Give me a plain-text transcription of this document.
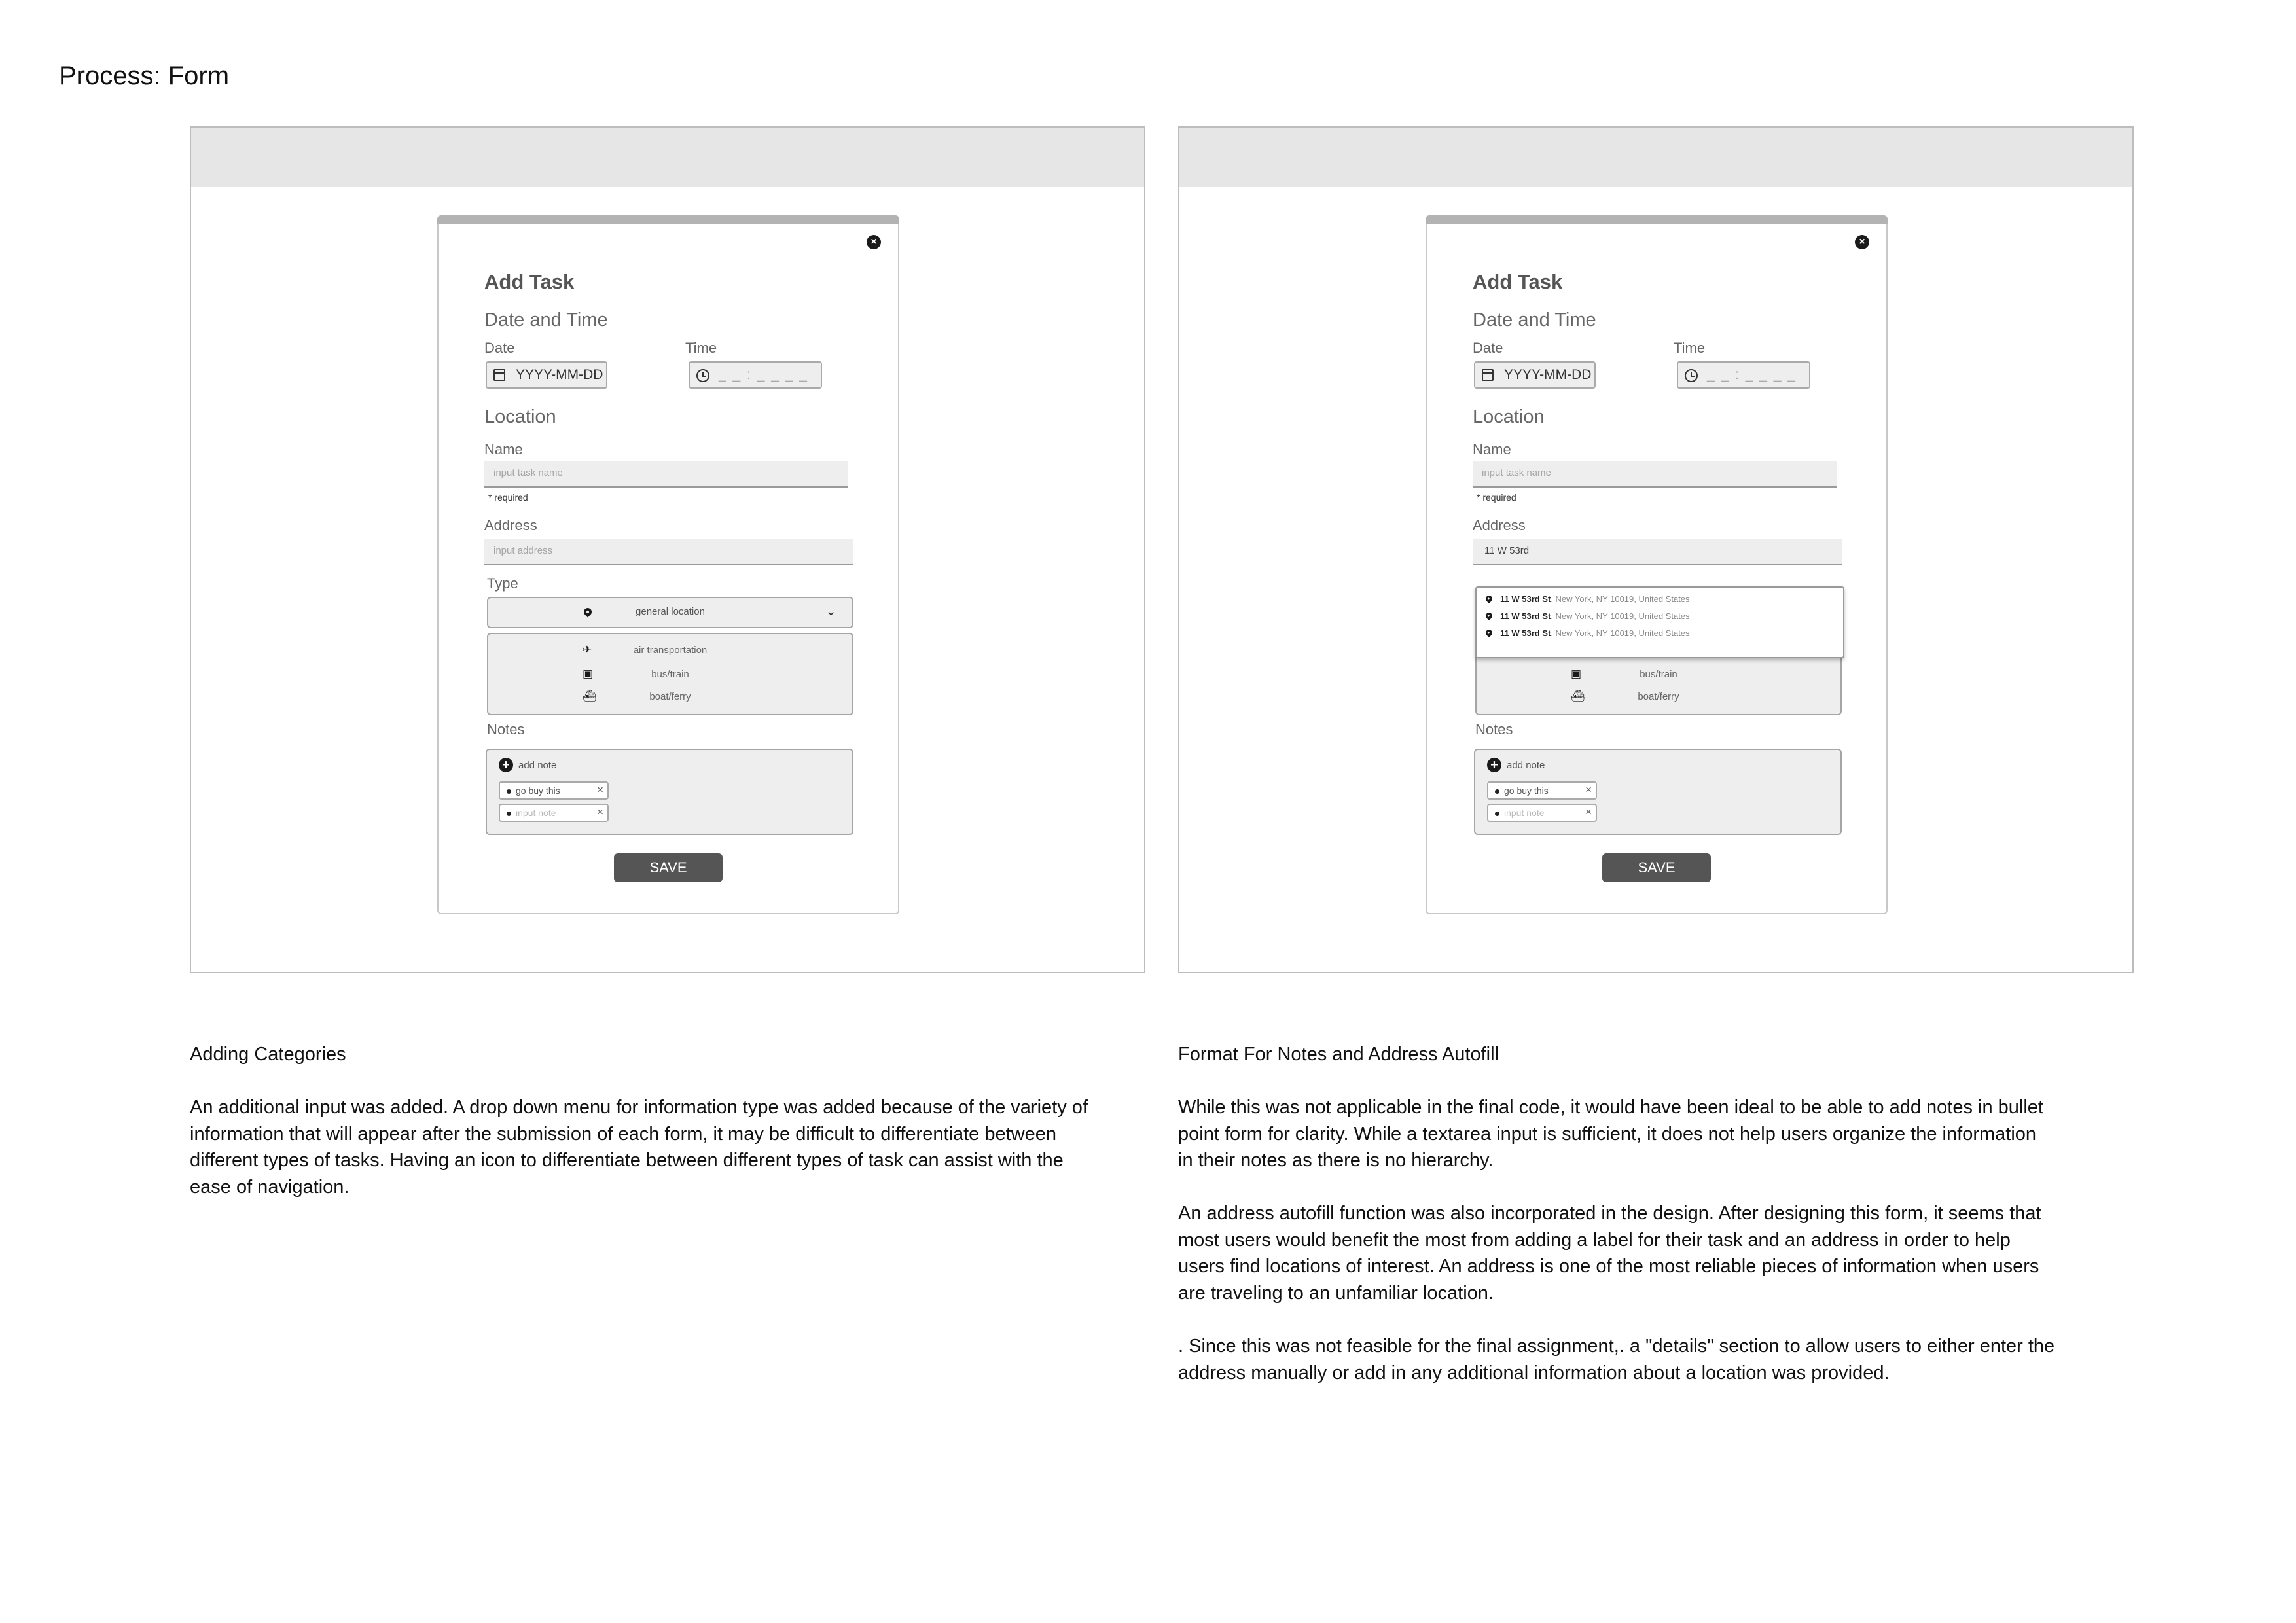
Process: Form
×
Add Task
Date and Time
Date	Time
YYYY-MM-DD	_ _ : _ _ _ _
Location
Name
input task name
* required
Address
input address
Type
general location	⌄
✈	air transportation
▣	bus/train
⛴	boat/ferry
Notes
+ add note
go buy this	×
input note	×
SAVE
×
Add Task
Date and Time
Date	Time
YYYY-MM-DD	_ _ : _ _ _ _
Location
Name
input task name
* required
Address
11 W 53rd
▣	bus/train
⛴	boat/ferry
11 W 53rd St, New York, NY 10019, United States
11 W 53rd St, New York, NY 10019, United States
11 W 53rd St, New York, NY 10019, United States
Notes
+ add note
go buy this	×
input note	×
SAVE
Adding Categories
An additional input was added. A drop down menu for information type was added because of the variety of
information that will appear after the submission of each form, it may be difficult to differentiate between
different types of tasks. Having an icon to differentiate between different types of task can assist with the
ease of navigation.
Format For Notes and Address Autofill
While this was not applicable in the final code, it would have been ideal to be able to add notes in bullet
point form for clarity. While a textarea input is sufficient, it does not help users organize the information
in their notes as there is no hierarchy.
An address autofill function was also incorporated in the design. After designing this form, it seems that
most users would benefit the most from adding a label for their task and an address in order to help
users find locations of interest. An address is one of the most reliable pieces of information when users
are traveling to an unfamiliar location.
. Since this was not feasible for the final assignment,. a "details" section to allow users to either enter the
address manually or add in any additional information about a location was provided.
